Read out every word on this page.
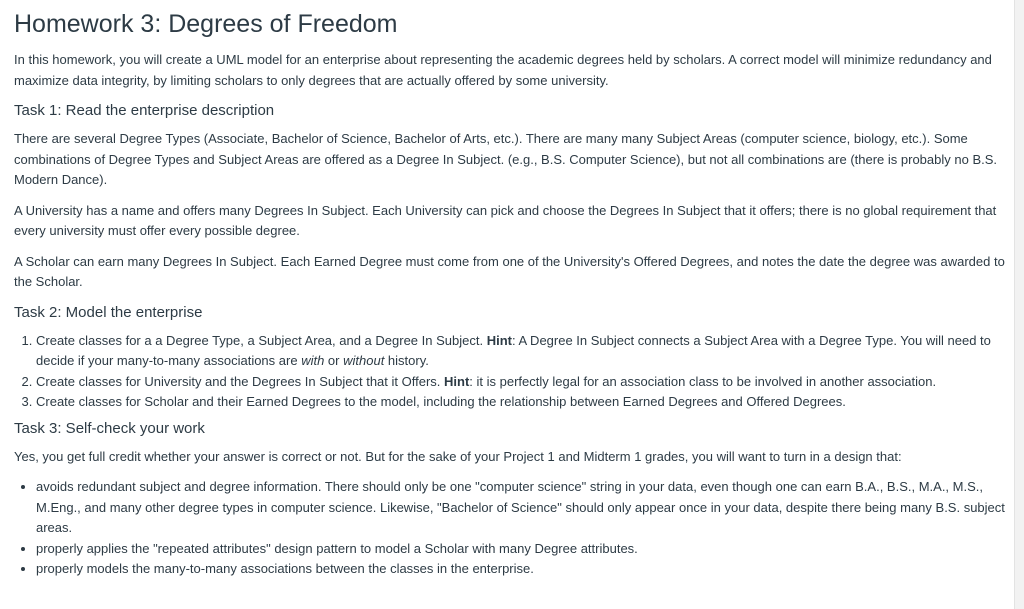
Homework 3: Degrees of Freedom

In this homework, you will create a UML model for an enterprise about representing the academic degrees held by scholars. A correct model will minimize redundancy and maximize data integrity, by limiting scholars to only degrees that are actually offered by some university.

Task 1: Read the enterprise description

There are several Degree Types (Associate, Bachelor of Science, Bachelor of Arts, etc.). There are many many Subject Areas (computer science, biology, etc.). Some combinations of Degree Types and Subject Areas are offered as a Degree In Subject. (e.g., B.S. Computer Science), but not all combinations are (there is probably no B.S. Modern Dance).

A University has a name and offers many Degrees In Subject. Each University can pick and choose the Degrees In Subject that it offers; there is no global requirement that every university must offer every possible degree.

A Scholar can earn many Degrees In Subject. Each Earned Degree must come from one of the University's Offered Degrees, and notes the date the degree was awarded to the Scholar.

Task 2: Model the enterprise
1. Create classes for a a Degree Type, a Subject Area, and a Degree In Subject. Hint: A Degree In Subject connects a Subject Area with a Degree Type. You will need to decide if your many-to-many associations are with or without history.
2. Create classes for University and the Degrees In Subject that it Offers. Hint: it is perfectly legal for an association class to be involved in another association.
3. Create classes for Scholar and their Earned Degrees to the model, including the relationship between Earned Degrees and Offered Degrees.
Task 3: Self-check your work

Yes, you get full credit whether your answer is correct or not. But for the sake of your Project 1 and Midterm 1 grades, you will want to turn in a design that:

• avoids redundant subject and degree information. There should only be one "computer science" string in your data, even though one can earn B.A., B.S., M.A., M.S., M.Eng., and many other degree types in computer science. Likewise, "Bachelor of Science" should only appear once in your data, despite there being many B.S. subject areas.
• properly applies the "repeated attributes" design pattern to model a Scholar with many Degree attributes.
• properly models the many-to-many associations between the classes in the enterprise.
